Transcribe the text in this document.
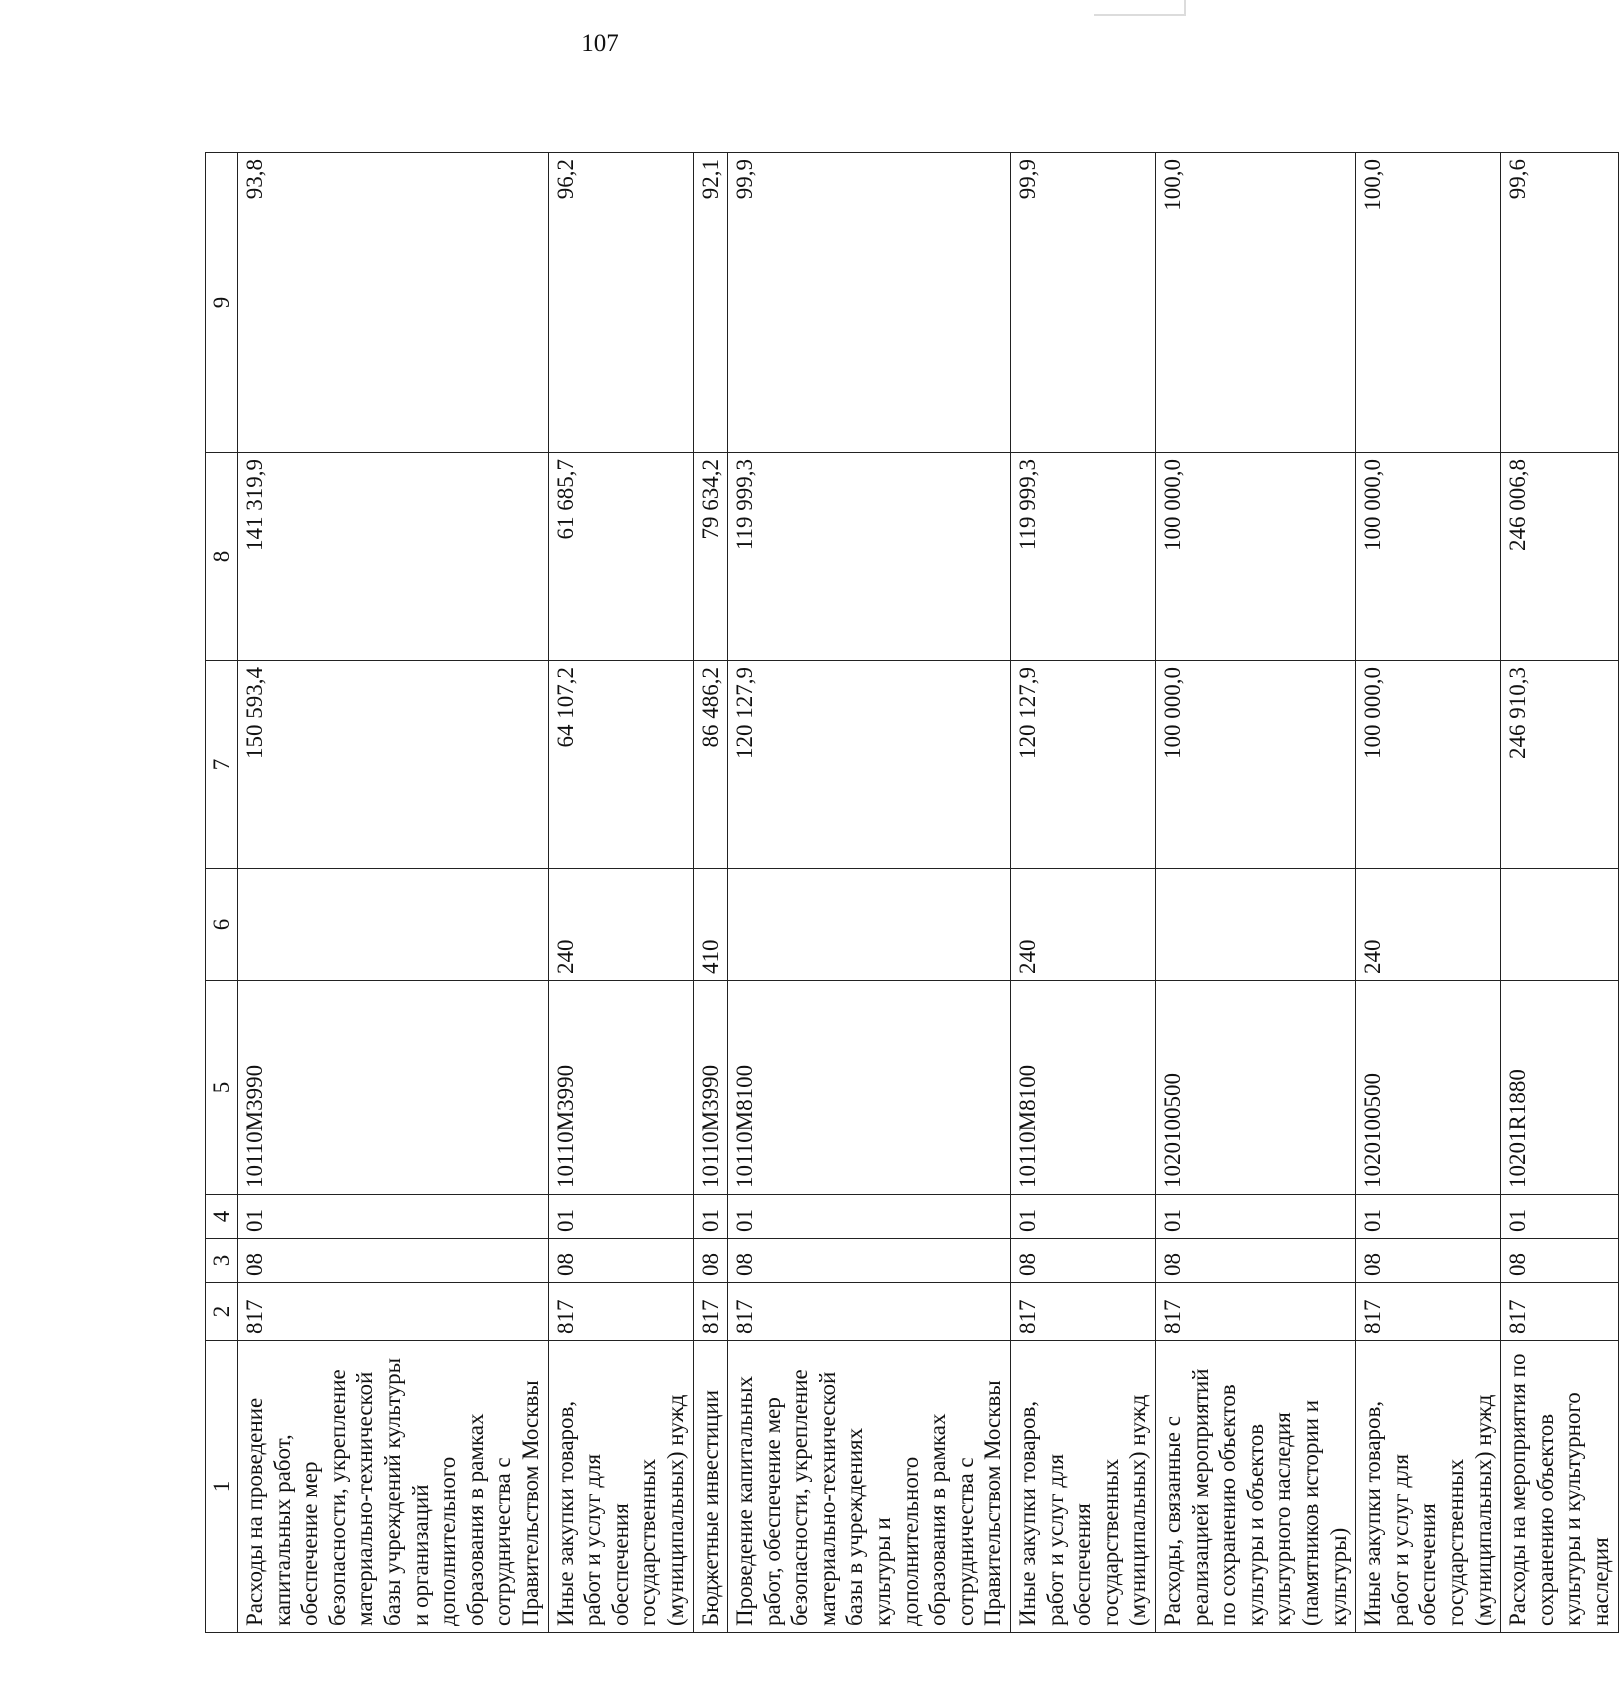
107
1	2	3	4	5	6	7	8	9
Расходы на проведение капитальных работ, обеспечение мер безопасности, укрепление материально-технической базы учреждений культуры и организаций дополнительного образования в рамках сотрудничества с Правительством Москвы	817	08	01	10110М3990		150 593,4	141 319,9	93,8
Иные закупки товаров, работ и услуг для обеспечения государственных (муниципальных) нужд	817	08	01	10110М3990	240	64 107,2	61 685,7	96,2
Бюджетные инвестиции	817	08	01	10110М3990	410	86 486,2	79 634,2	92,1
Проведение капитальных работ, обеспечение мер безопасности, укрепление материально-технической базы в учреждениях культуры и дополнительного образования в рамках сотрудничества с Правительством Москвы	817	08	01	10110М8100		120 127,9	119 999,3	99,9
Иные закупки товаров, работ и услуг для обеспечения государственных (муниципальных) нужд	817	08	01	10110М8100	240	120 127,9	119 999,3	99,9
Расходы, связанные с реализацией мероприятий по сохранению объектов культуры и объектов культурного наследия (памятников истории и культуры)	817	08	01	1020100500		100 000,0	100 000,0	100,0
Иные закупки товаров, работ и услуг для обеспечения государственных (муниципальных) нужд	817	08	01	1020100500	240	100 000,0	100 000,0	100,0
Расходы на мероприятия по сохранению объектов культуры и культурного наследия	817	08	01	10201R1880		246 910,3	246 006,8	99,6
